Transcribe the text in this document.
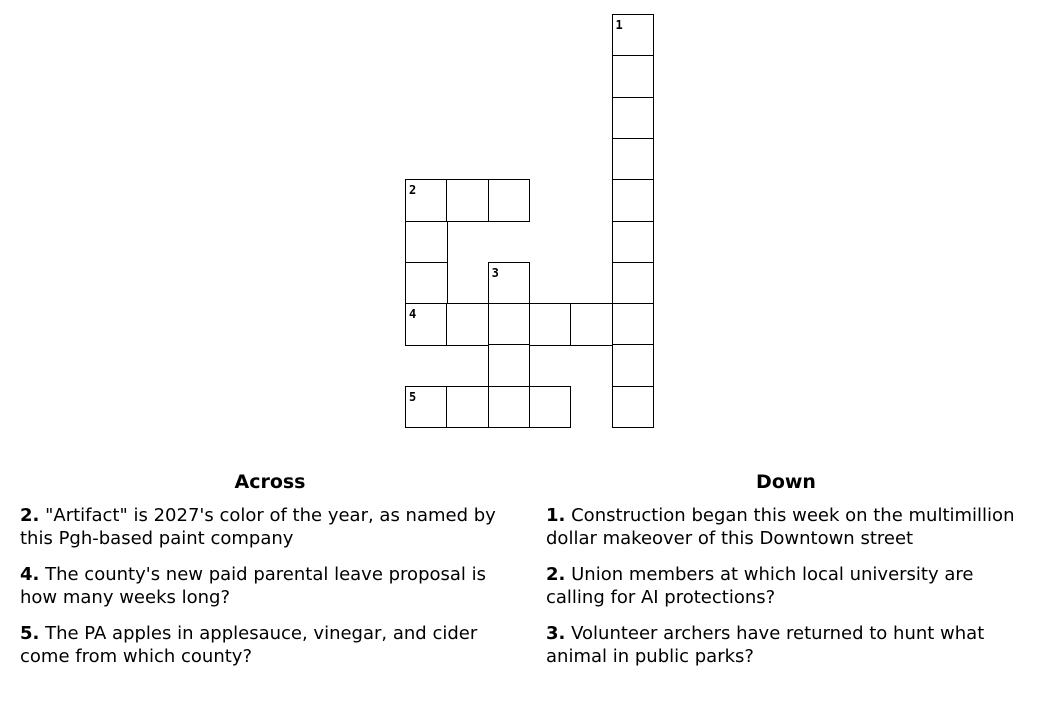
1
2
3
4
5
Across
2. "Artifact" is 2027's color of the year, as named by this Pgh-based paint company
4. The county's new paid parental leave proposal is how many weeks long?
5. The PA apples in applesauce, vinegar, and cider come from which county?
Down
1. Construction began this week on the multimillion dollar makeover of this Downtown street
2. Union members at which local university are calling for AI protections?
3. Volunteer archers have returned to hunt what animal in public parks?
